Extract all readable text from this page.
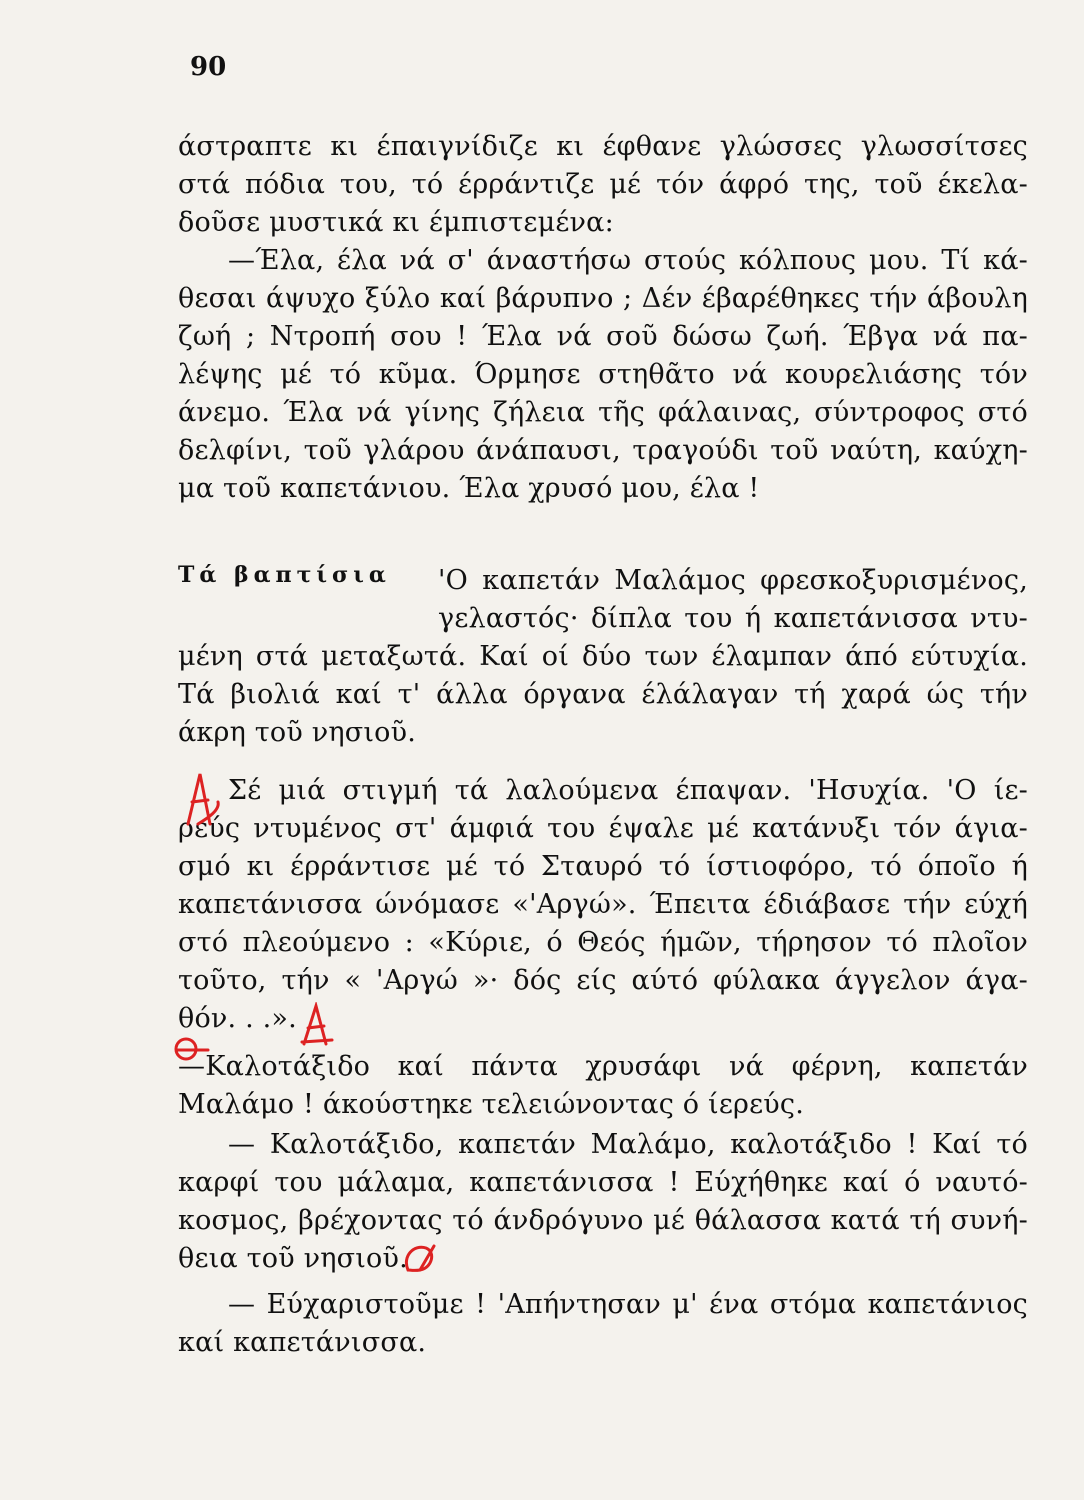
90
άστραπτε κι έπαιγνίδιζε κι έφθανε γλώσσες γλωσσίτσες
στά πόδια του, τό έρράντιζε μέ τόν άφρό της, τοῦ έκελα-
δοῦσε μυστικά κι έμπιστεμένα:
—Έλα, έλα νά σ' άναστήσω στούς κόλπους μου. Τί κά-
θεσαι άψυχο ξύλο καί βάρυπνο ; Δέν έβαρέθηκες τήν άβουλη
ζωή ; Ντροπή σου ! Έλα νά σοῦ δώσω ζωή. Έβγα νά πα-
λέψης μέ τό κῦμα. Όρμησε στηθᾶτο νά κουρελιάσης τόν
άνεμο. Έλα νά γίνης ζήλεια τῆς φάλαινας, σύντροφος στό
δελφίνι, τοῦ γλάρου άνάπαυσι, τραγούδι τοῦ ναύτη, καύχη-
μα τοῦ καπετάνιου. Έλα χρυσό μου, έλα !
Τά βαπτίσια 'Ο καπετάν Μαλάμος φρεσκοξυρισμένος,
γελαστός· δίπλα του ή καπετάνισσα ντυ-
μένη στά μεταξωτά. Καί οί δύο των έλαμπαν άπό εύτυχία.
Τά βιολιά καί τ' άλλα όργανα έλάλαγαν τή χαρά ώς τήν
άκρη τοῦ νησιοῦ.
Σέ μιά στιγμή τά λαλούμενα έπαψαν. 'Ησυχία. 'Ο ίε-
ρεύς ντυμένος στ' άμφιά του έψαλε μέ κατάνυξι τόν άγια-
σμό κι έρράντισε μέ τό Σταυρό τό ίστιοφόρο, τό όποῖο ή
καπετάνισσα ώνόμασε «'Αργώ». Έπειτα έδιάβασε τήν εύχή
στό πλεούμενο : «Κύριε, ό Θεός ήμῶν, τήρησον τό πλοῖον
τοῦτο, τήν « 'Αργώ »· δός είς αύτό φύλακα άγγελον άγα-
θόν. . .».
—Καλοτάξιδο καί πάντα χρυσάφι νά φέρνη, καπετάν
Μαλάμο ! άκούστηκε τελειώνοντας ό ίερεύς.
— Καλοτάξιδο, καπετάν Μαλάμο, καλοτάξιδο ! Καί τό
καρφί του μάλαμα, καπετάνισσα ! Εύχήθηκε καί ό ναυτό-
κοσμος, βρέχοντας τό άνδρόγυνο μέ θάλασσα κατά τή συνή-
θεια τοῦ νησιοῦ.
— Εύχαριστοῦμε ! 'Απήντησαν μ' ένα στόμα καπετάνιος
καί καπετάνισσα.
